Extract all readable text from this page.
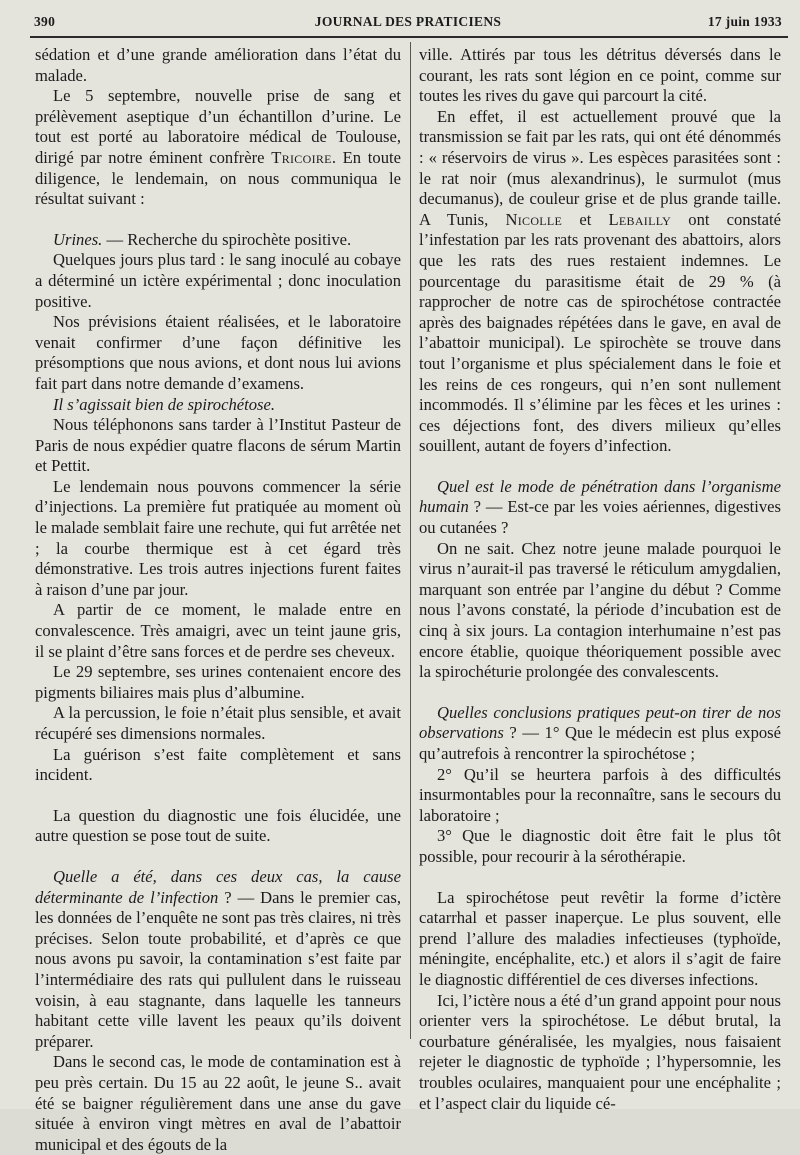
390	JOURNAL DES PRATICIENS	17 juin 1933

sédation et d’une grande amélioration dans l’état du malade.

Le 5 septembre, nouvelle prise de sang et prélèvement aseptique d’un échantillon d’urine. Le tout est porté au laboratoire médical de Toulouse, dirigé par notre éminent confrère Tricoire. En toute diligence, le lendemain, on nous communiqua le résultat suivant :

Urines. — Recherche du spirochète positive.

Quelques jours plus tard : le sang inoculé au cobaye a déterminé un ictère expérimental ; donc inoculation positive.

Nos prévisions étaient réalisées, et le laboratoire venait confirmer d’une façon définitive les présomptions que nous avions, et dont nous lui avions fait part dans notre demande d’examens.

Il s’agissait bien de spirochétose.

Nous téléphonons sans tarder à l’Institut Pasteur de Paris de nous expédier quatre flacons de sérum Martin et Pettit.

Le lendemain nous pouvons commencer la série d’injections. La première fut pratiquée au moment où le malade semblait faire une rechute, qui fut arrêtée net ; la courbe thermique est à cet égard très démonstrative. Les trois autres injections furent faites à raison d’une par jour.

A partir de ce moment, le malade entre en convalescence. Très amaigri, avec un teint jaune gris, il se plaint d’être sans forces et de perdre ses cheveux.

Le 29 septembre, ses urines contenaient encore des pigments biliaires mais plus d’albumine.

A la percussion, le foie n’était plus sensible, et avait récupéré ses dimensions normales.

La guérison s’est faite complètement et sans incident.

La question du diagnostic une fois élucidée, une autre question se pose tout de suite.

Quelle a été, dans ces deux cas, la cause déterminante de l’infection ? — Dans le premier cas, les données de l’enquête ne sont pas très claires, ni très précises. Selon toute probabilité, et d’après ce que nous avons pu savoir, la contamination s’est faite par l’intermédiaire des rats qui pullulent dans le ruisseau voisin, à eau stagnante, dans laquelle les tanneurs habitant cette ville lavent les peaux qu’ils doivent préparer.

Dans le second cas, le mode de contamination est à peu près certain. Du 15 au 22 août, le jeune S.. avait été se baigner régulièrement dans une anse du gave située à environ vingt mètres en aval de l’abattoir municipal et des égouts de la

ville. Attirés par tous les détritus déversés dans le courant, les rats sont légion en ce point, comme sur toutes les rives du gave qui parcourt la cité.

En effet, il est actuellement prouvé que la transmission se fait par les rats, qui ont été dénommés : « réservoirs de virus ». Les espèces parasitées sont : le rat noir (mus alexandrinus), le surmulot (mus decumanus), de couleur grise et de plus grande taille. A Tunis, Nicolle et Lebailly ont constaté l’infestation par les rats provenant des abattoirs, alors que les rats des rues restaient indemnes. Le pourcentage du parasitisme était de 29 % (à rapprocher de notre cas de spirochétose contractée après des baignades répétées dans le gave, en aval de l’abattoir municipal). Le spirochète se trouve dans tout l’organisme et plus spécialement dans le foie et les reins de ces rongeurs, qui n’en sont nullement incommodés. Il s’élimine par les fèces et les urines : ces déjections font, des divers milieux qu’elles souillent, autant de foyers d’infection.

Quel est le mode de pénétration dans l’organisme humain ? — Est-ce par les voies aériennes, digestives ou cutanées ?

On ne sait. Chez notre jeune malade pourquoi le virus n’aurait-il pas traversé le réticulum amygdalien, marquant son entrée par l’angine du début ? Comme nous l’avons constaté, la période d’incubation est de cinq à six jours. La contagion interhumaine n’est pas encore établie, quoique théoriquement possible avec la spirochéturie prolongée des convalescents.

Quelles conclusions pratiques peut-on tirer de nos observations ? — 1° Que le médecin est plus exposé qu’autrefois à rencontrer la spirochétose ;

2° Qu’il se heurtera parfois à des difficultés insurmontables pour la reconnaître, sans le secours du laboratoire ;

3° Que le diagnostic doit être fait le plus tôt possible, pour recourir à la sérothérapie.

La spirochétose peut revêtir la forme d’ictère catarrhal et passer inaperçue. Le plus souvent, elle prend l’allure des maladies infectieuses (typhoïde, méningite, encéphalite, etc.) et alors il s’agit de faire le diagnostic différentiel de ces diverses infections.

Ici, l’ictère nous a été d’un grand appoint pour nous orienter vers la spirochétose. Le début brutal, la courbature généralisée, les myalgies, nous faisaient rejeter le diagnostic de typhoïde ; l’hypersomnie, les troubles oculaires, manquaient pour une encéphalite ; et l’aspect clair du liquide cé-
